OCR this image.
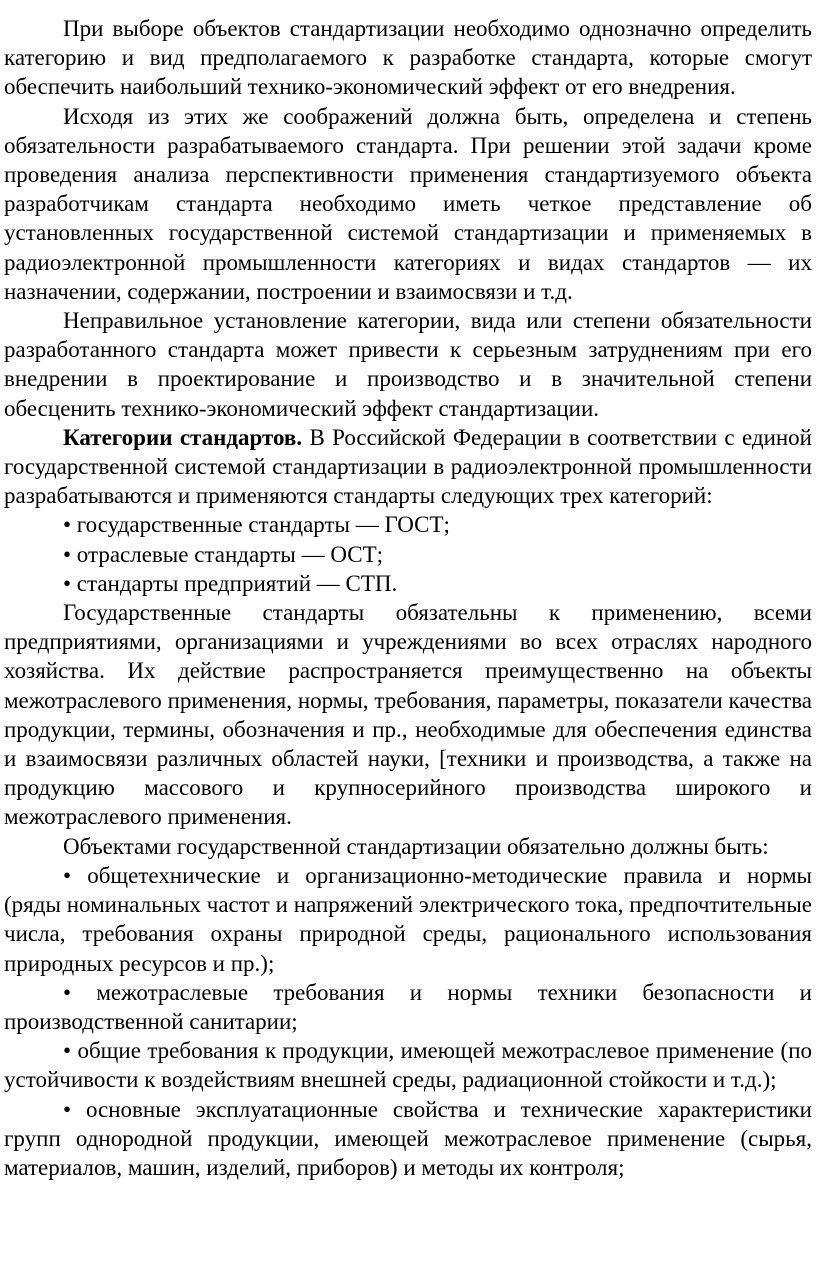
При выборе объектов стандартизации необходимо однозначно определить категорию и вид предполагаемого к разработке стандарта, которые смогут обеспечить наибольший технико-экономический эффект от его внедрения.

Исходя из этих же соображений должна быть, определена и степень обязательности разрабатываемого стандарта. При решении этой задачи кроме проведения анализа перспективности применения стандартизуемого объекта разработчикам стандарта необходимо иметь четкое представление об установленных государственной системой стандартизации и применяемых в радиоэлектронной промышленности категориях и видах стандартов — их назначении, содержании, построении и взаимосвязи и т.д.

Неправильное установление категории, вида или степени обязательности разработанного стандарта может привести к серьезным затруднениям при его внедрении в проектирование и производство и в значительной степени обесценить технико-экономический эффект стандартизации.

Категории стандартов. В Российской Федерации в соответствии с единой государственной системой стандартизации в радиоэлектронной промышленности разрабатываются и применяются стандарты следующих трех категорий:

• государственные стандарты — ГОСТ;

• отраслевые стандарты — ОСТ;

• стандарты предприятий — СТП.

Государственные стандарты обязательны к применению, всеми предприятиями, организациями и учреждениями во всех отраслях народного хозяйства. Их действие распространяется преимущественно на объекты межотраслевого применения, нормы, требования, параметры, показатели качества продукции, термины, обозначения и пр., необходимые для обеспечения единства и взаимосвязи различных областей науки, [техники и производства, а также на продукцию массового и крупносерийного производства широкого и межотраслевого применения.

Объектами государственной стандартизации обязательно должны быть:

• общетехнические и организационно-методические правила и нормы (ряды номинальных частот и напряжений электрического тока, предпочтительные числа, требования охраны природной среды, рационального использования природных ресурсов и пр.);

• межотраслевые требования и нормы техники безопасности и производственной санитарии;

• общие требования к продукции, имеющей межотраслевое применение (по устойчивости к воздействиям внешней среды, радиационной стойкости и т.д.);

• основные эксплуатационные свойства и технические характеристики групп однородной продукции, имеющей межотраслевое применение (сырья, материалов, машин, изделий, приборов) и методы их контроля;
